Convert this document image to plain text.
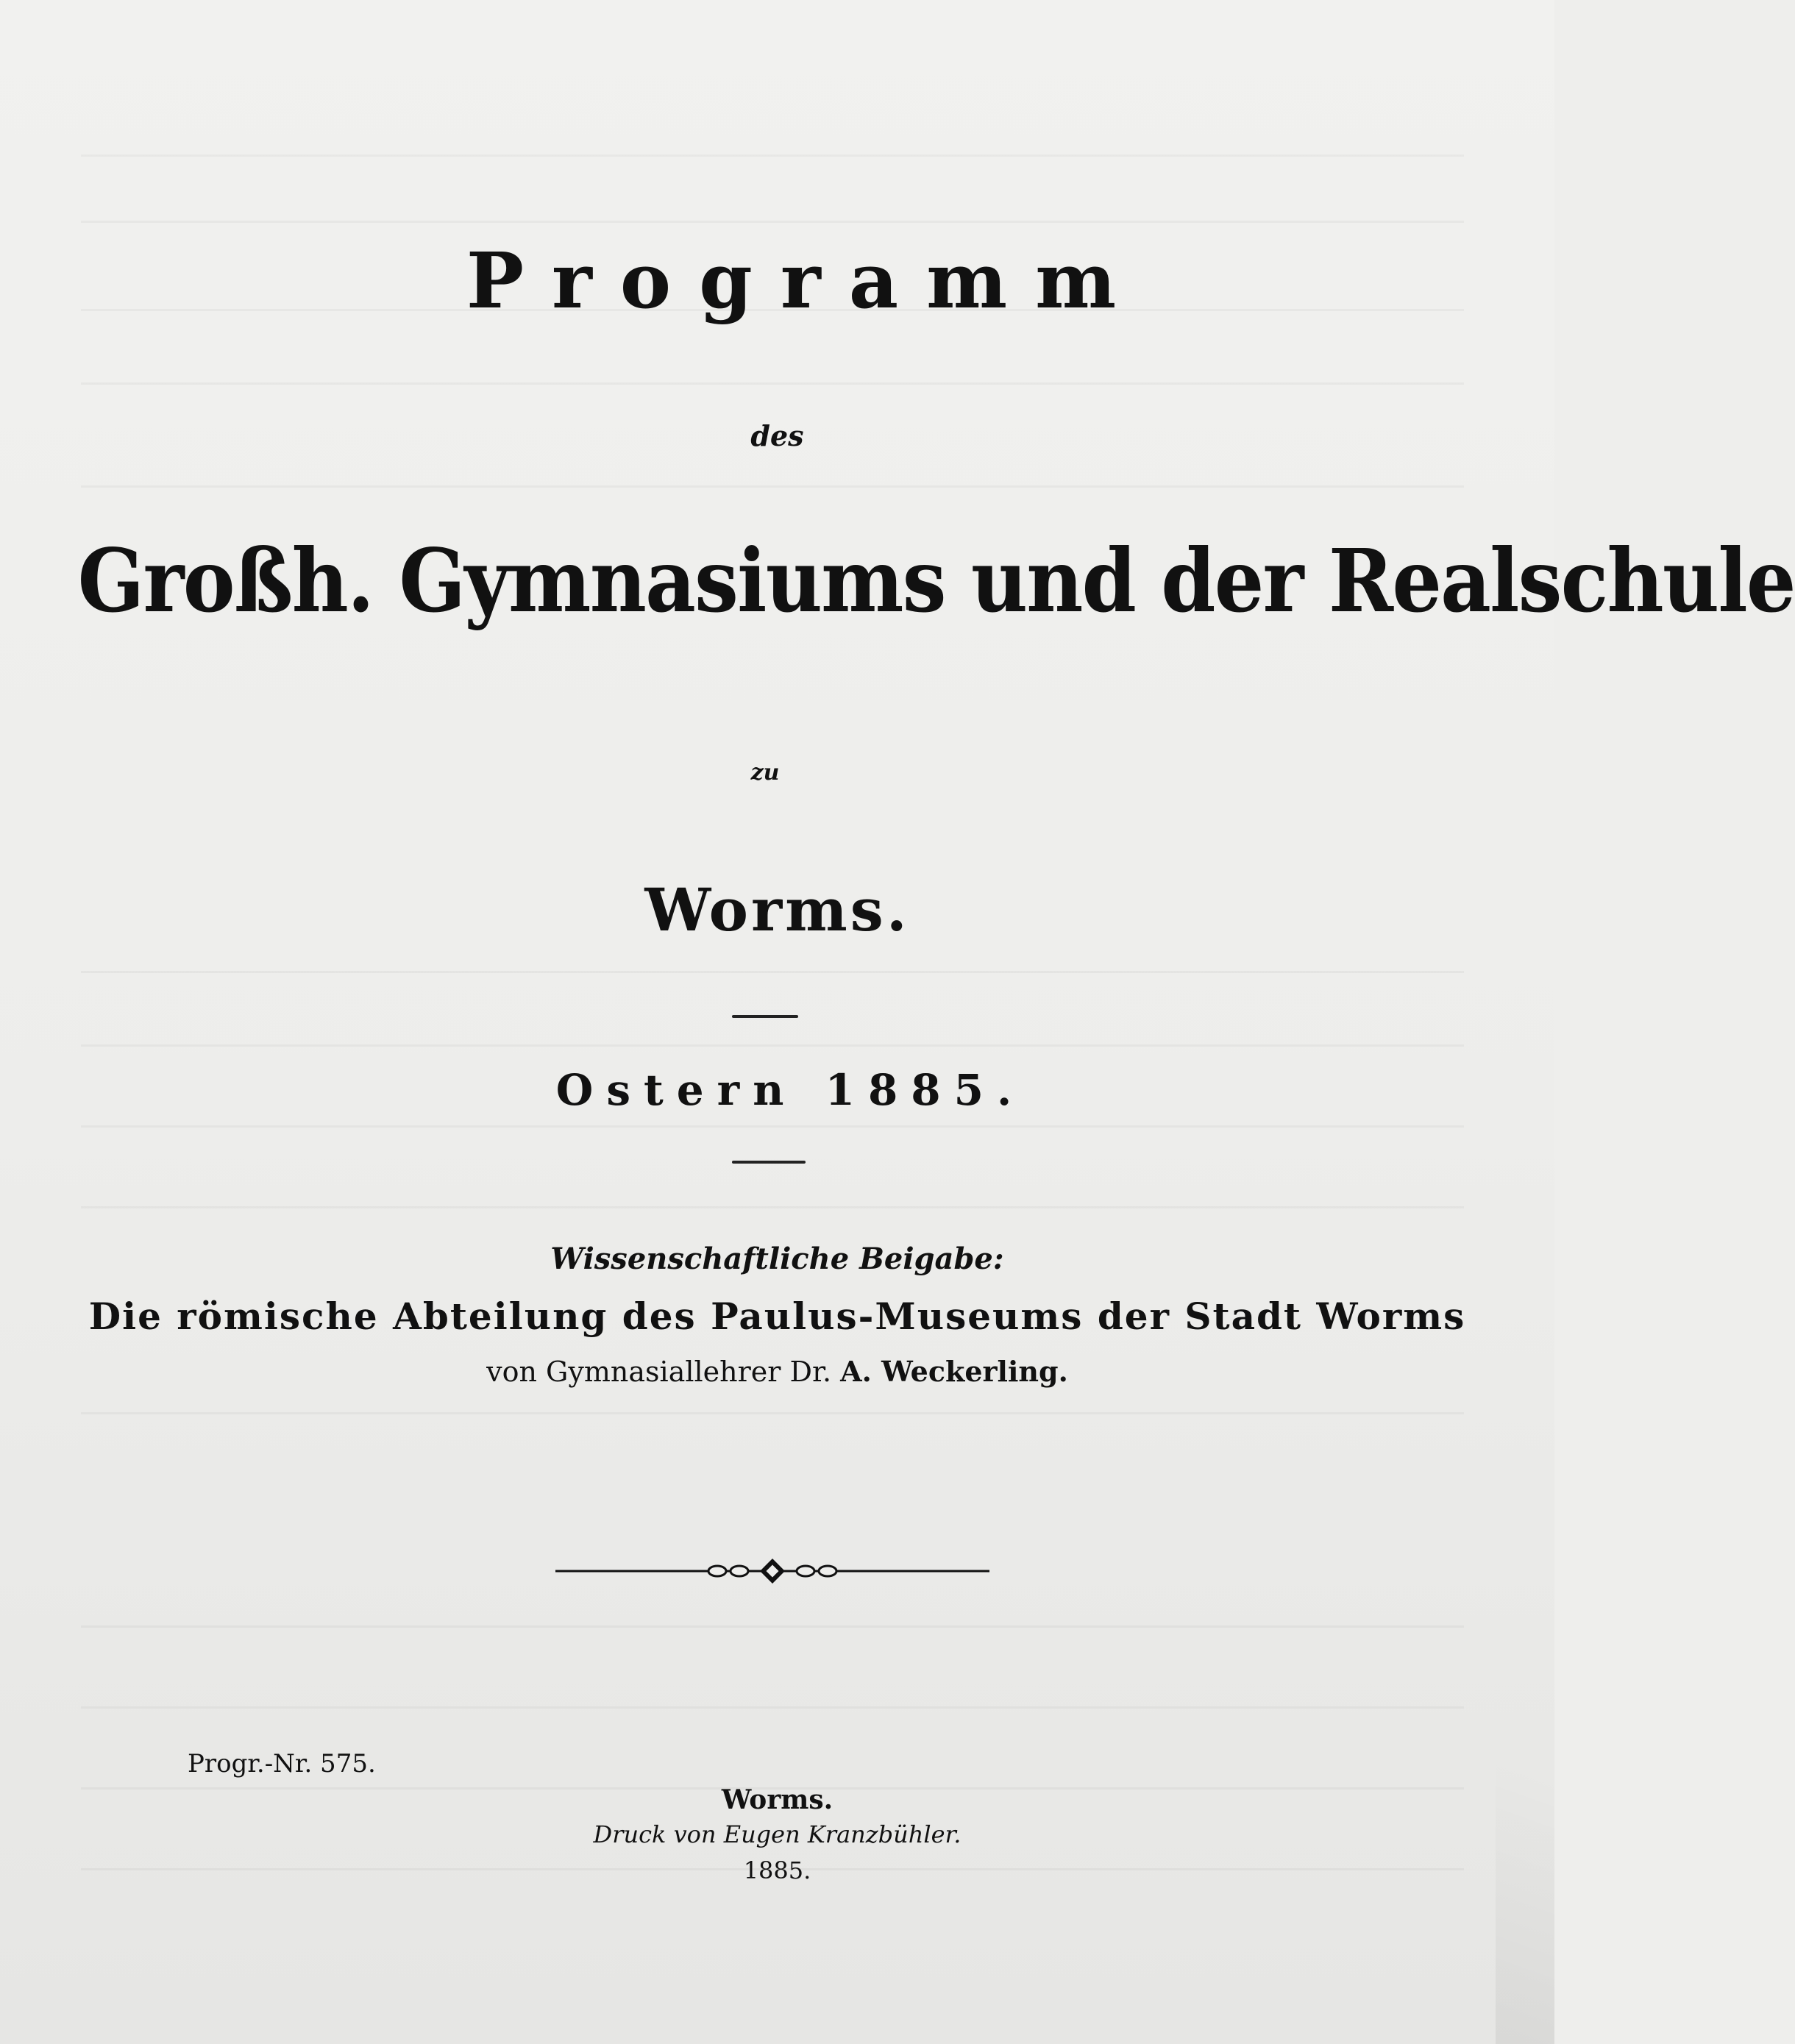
Programm
des
Großh. Gymnasiums und der Realschule
zu
Worms.
Ostern 1885.
Wissenschaftliche Beigabe:
Die römische Abteilung des Paulus-Museums der Stadt Worms
von Gymnasiallehrer Dr. A. Weckerling.
Progr.-Nr. 575.
Worms.
Druck von Eugen Kranzbühler.
1885.
